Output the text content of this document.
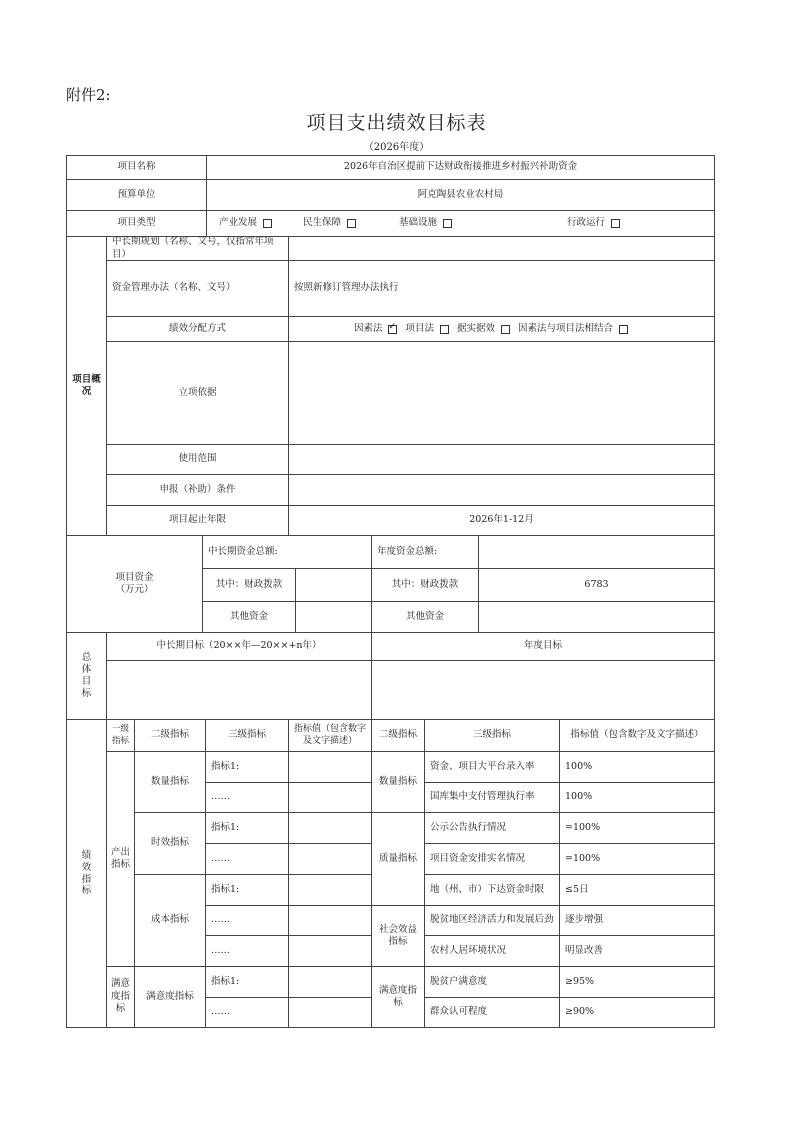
附件2:
项目支出绩效目标表
（2026年度）
项目名称	2026年自治区提前下达财政衔接推进乡村振兴补助资金
预算单位	阿克陶县农业农村局
项目类型	产业发展	民生保障	基础设施	行政运行
项目概况
中长期规划（名称、文号，仅指常年项目）
资金管理办法（名称、文号）	按照新修订管理办法执行
绩效分配方式	因素法
✓ 项目法 据实据效 因素法与项目法相结合
立项依据
使用范围
申报（补助）条件
项目起止年限	2026年1-12月
项目资金
（万元）
中长期资金总额:	年度资金总额:
其中：财政拨款	其中：财政拨款	6783
其他资金	其他资金
总
体
目
标
中长期目标（20××年—20××+n年）	年度目标
绩
效
指
标
一级
指标
二级指标	三级指标
指标值（包含数字
及文字描述）
二级指标	三级指标	指标值（包含数字及文字描述）
产出
指标
满意
度指
标
数量指标
时效指标
成本指标
满意度指标
指标1:
……
指标1:
……
指标1:
……
……
指标1:
……
数量指标
质量指标
社会效益
指标
满意度指标
资金、项目大平台录入率	100%
国库集中支付管理执行率	100%
公示公告执行情况	=100%
项目资金安排实名情况	=100%
地（州、市）下达资金时限	≤5日
脱贫地区经济活力和发展后劲	逐步增强
农村人居环境状况	明显改善
脱贫户满意度	≥95%
群众认可程度	≥90%
